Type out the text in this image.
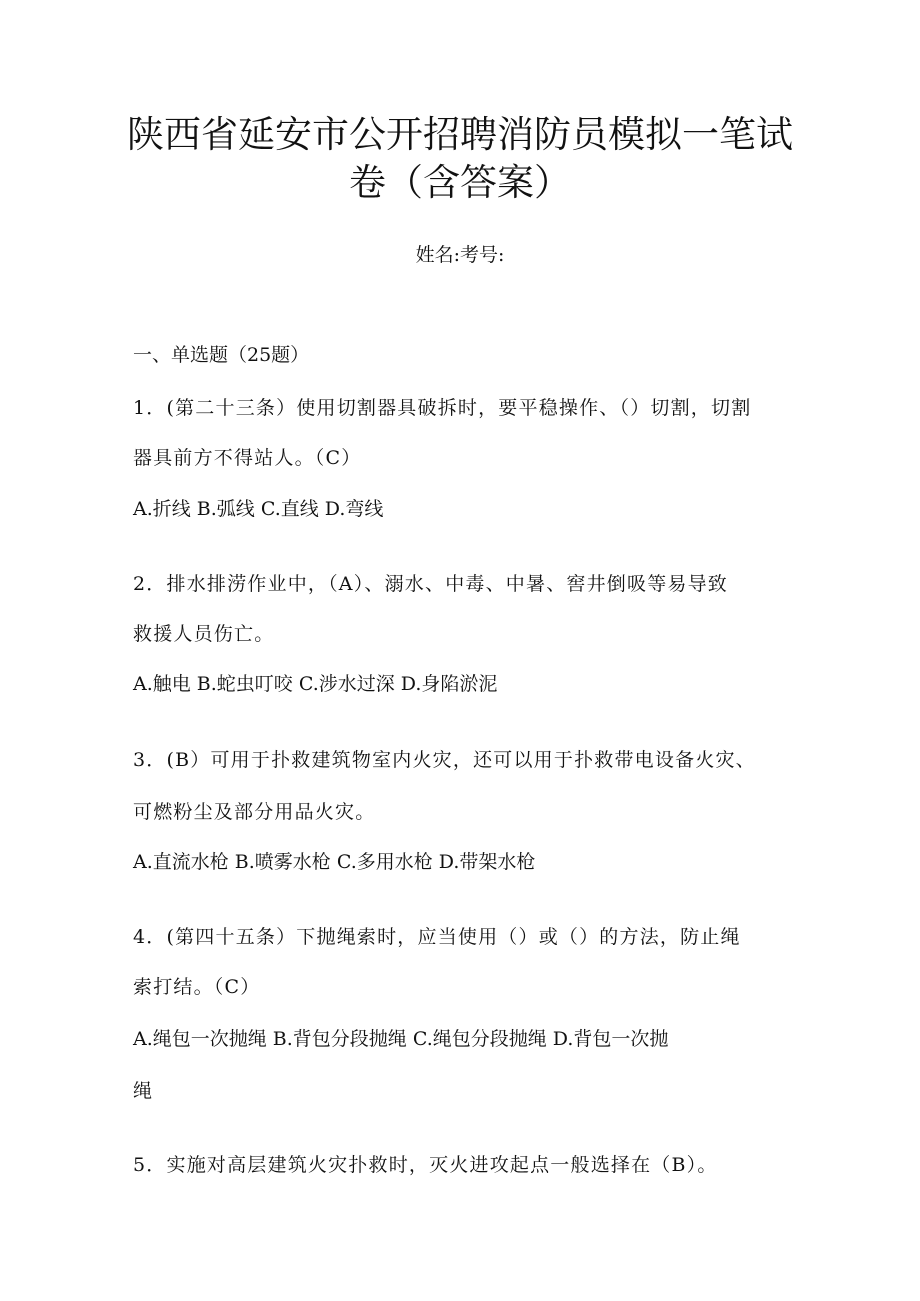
陕西省延安市公开招聘消防员模拟一笔试
卷（含答案）
姓名:考号:
一、单选题（25题）
1．(第二十三条）使用切割器具破拆时，要平稳操作、（）切割，切割
器具前方不得站人。（C）
A.折线 B.弧线 C.直线 D.弯线
2．排水排涝作业中，（A）、溺水、中毒、中暑、窖井倒吸等易导致
救援人员伤亡。
A.触电 B.蛇虫叮咬 C.涉水过深 D.身陷淤泥
3．(B）可用于扑救建筑物室内火灾，还可以用于扑救带电设备火灾、
可燃粉尘及部分用品火灾。
A.直流水枪 B.喷雾水枪 C.多用水枪 D.带架水枪
4．(第四十五条）下抛绳索时，应当使用（）或（）的方法，防止绳
索打结。（C）
A.绳包一次抛绳 B.背包分段抛绳 C.绳包分段抛绳 D.背包一次抛
绳
5．实施对高层建筑火灾扑救时，灭火进攻起点一般选择在（B）。
